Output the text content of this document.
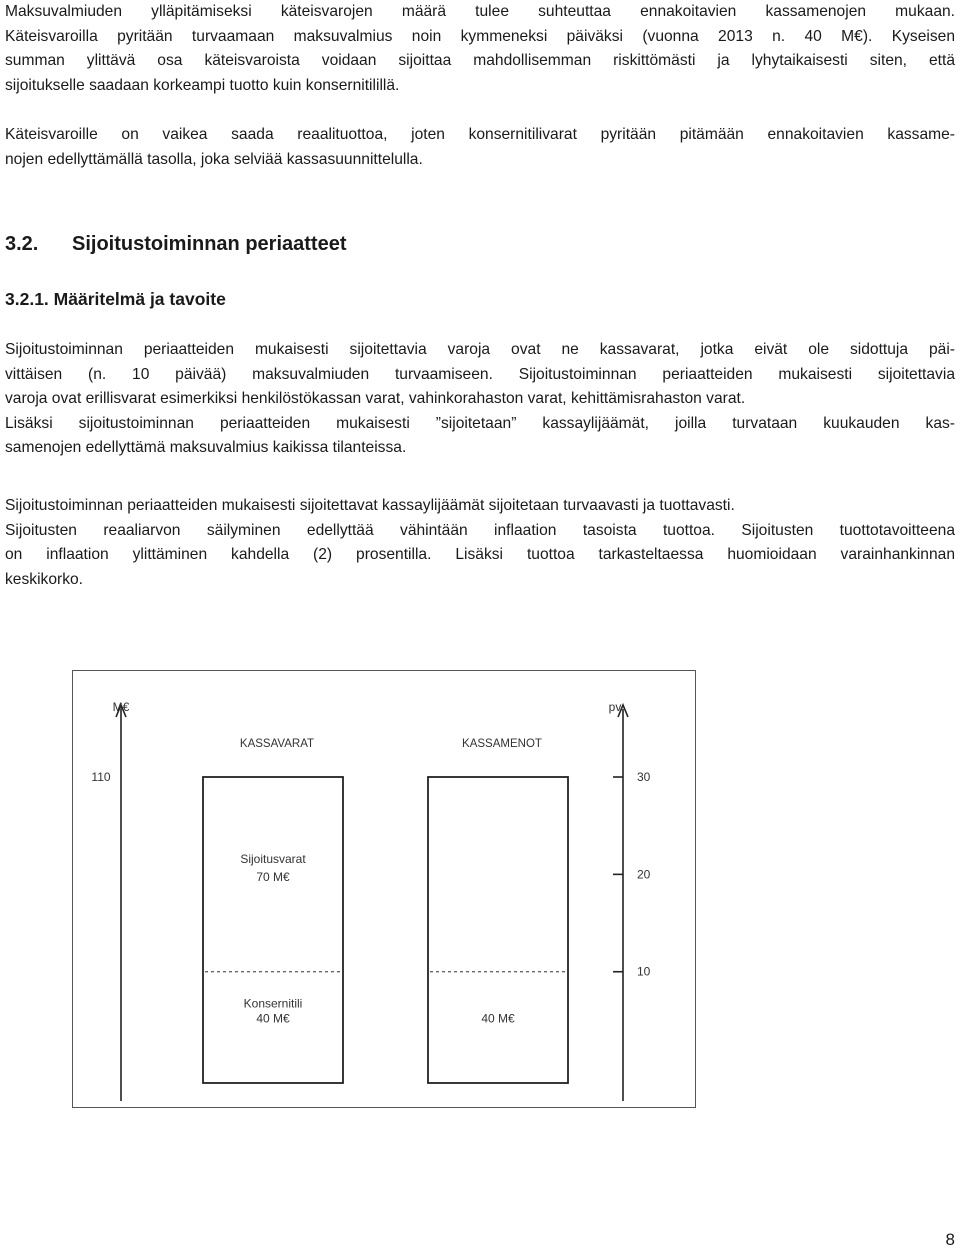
Maksuvalmiuden ylläpitämiseksi käteisvarojen määrä tulee suhteuttaa ennakoitavien kassamenojen mukaan.
Käteisvaroilla pyritään turvaamaan maksuvalmius noin kymmeneksi päiväksi (vuonna 2013 n. 40 M€). Kyseisen
summan ylittävä osa käteisvaroista voidaan sijoittaa mahdollisemman riskittömästi ja lyhytaikaisesti siten, että
sijoitukselle saadaan korkeampi tuotto kuin konsernitilillä.

Käteisvaroille on vaikea saada reaalituottoa, joten konsernitilivarat pyritään pitämään ennakoitavien kassame-
nojen edellyttämällä tasolla, joka selviää kassasuunnittelulla.

3.2. Sijoitustoiminnan periaatteet
3.2.1. Määritelmä ja tavoite

Sijoitustoiminnan periaatteiden mukaisesti sijoitettavia varoja ovat ne kassavarat, jotka eivät ole sidottuja päi-
vittäisen (n. 10 päivää) maksuvalmiuden turvaamiseen. Sijoitustoiminnan periaatteiden mukaisesti sijoitettavia
varoja ovat erillisvarat esimerkiksi henkilöstökassan varat, vahinkorahaston varat, kehittämisrahaston varat.
Lisäksi sijoitustoiminnan periaatteiden mukaisesti ”sijoitetaan” kassaylijäämät, joilla turvataan kuukauden kas-
samenojen edellyttämä maksuvalmius kaikissa tilanteissa.

Sijoitustoiminnan periaatteiden mukaisesti sijoitettavat kassaylijäämät sijoitetaan turvaavasti ja tuottavasti.
Sijoitusten reaaliarvon säilyminen edellyttää vähintään inflaation tasoista tuottoa. Sijoitusten tuottotavoitteena
on inflaation ylittäminen kahdella (2) prosentilla. Lisäksi tuottoa tarkasteltaessa huomioidaan varainhankinnan
keskikorko.

M€	pv
110
10
20
30
KASSAVARAT
Konsernitili
40 M€
Sijoitusvarat
70 M€
KASSAMENOT
40 M€
8
